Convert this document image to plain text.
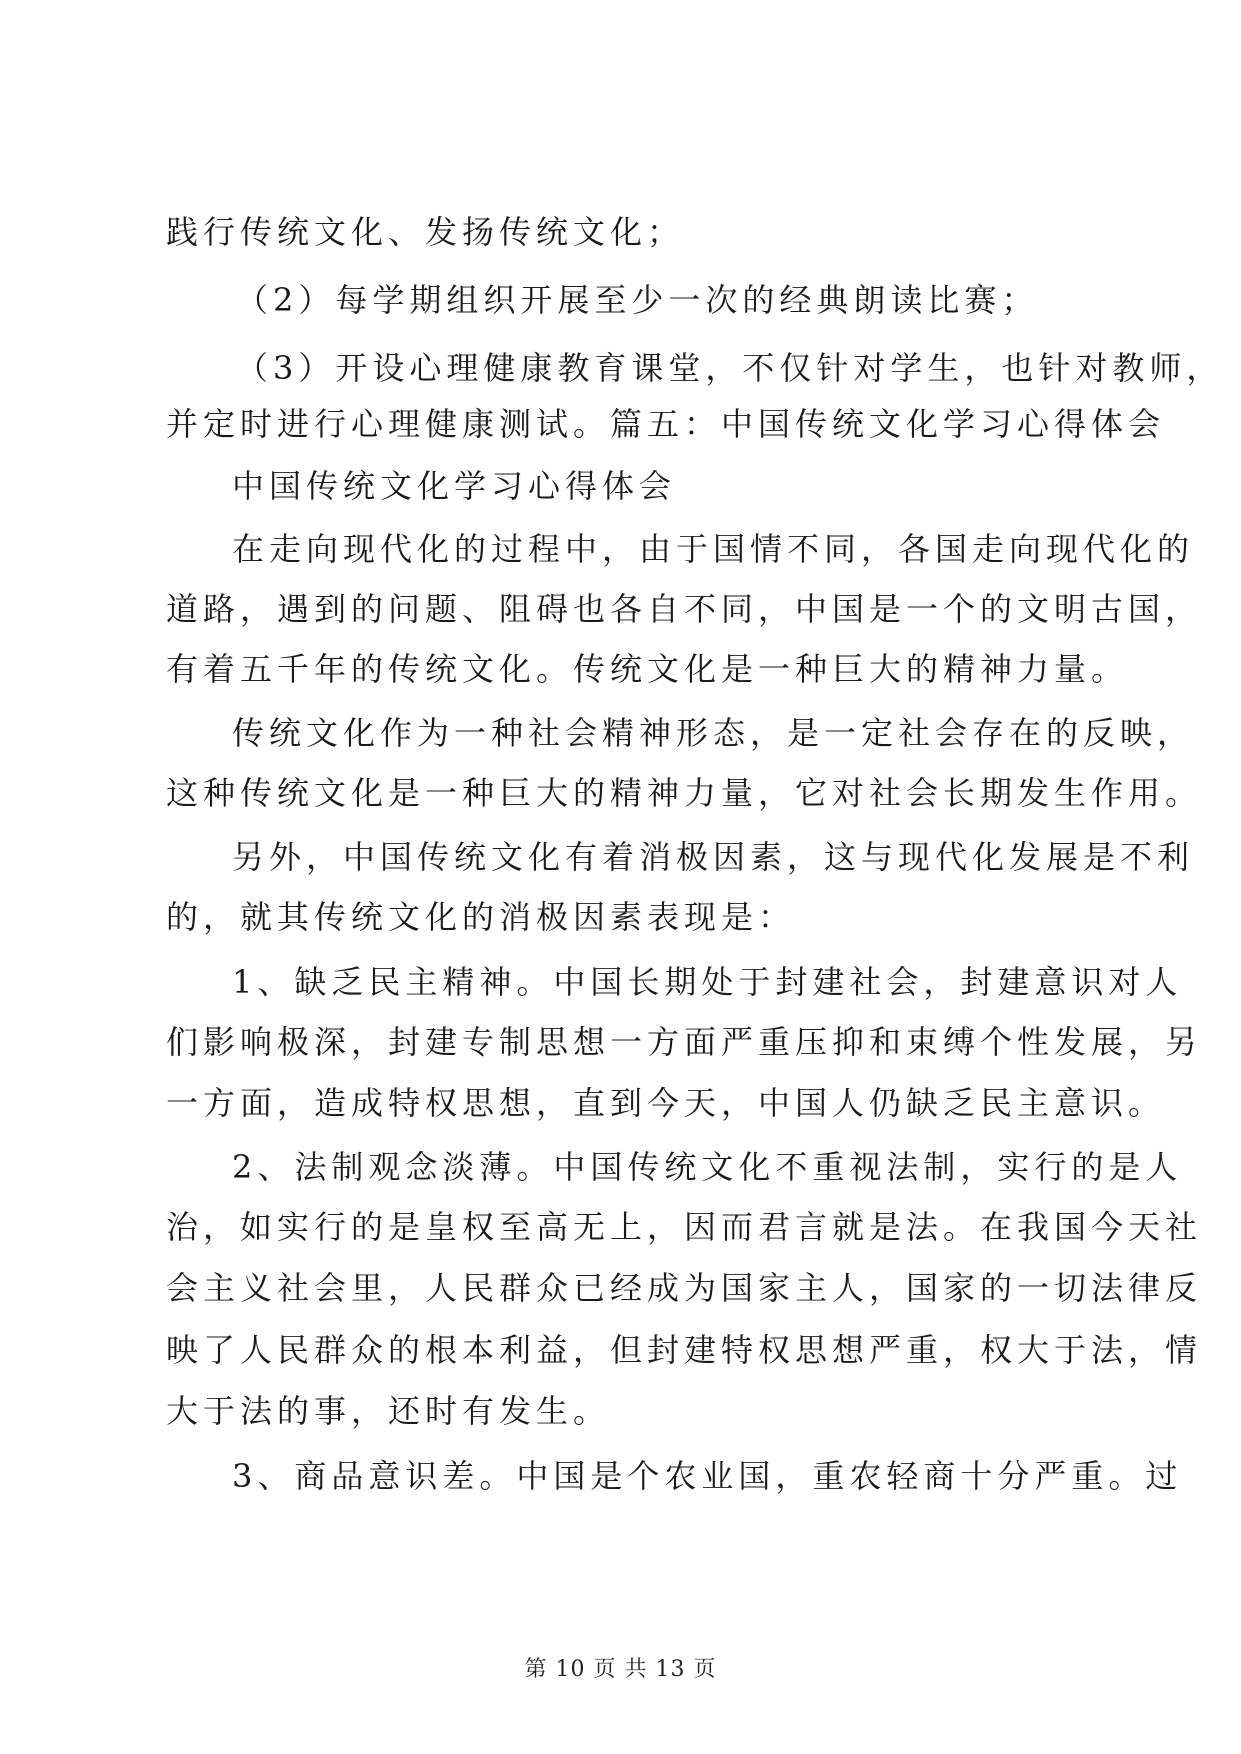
践行传统文化、发扬传统文化；
（2）每学期组织开展至少一次的经典朗读比赛；
（3）开设心理健康教育课堂，不仅针对学生，也针对教师，
并定时进行心理健康测试。篇五：中国传统文化学习心得体会
中国传统文化学习心得体会
在走向现代化的过程中，由于国情不同，各国走向现代化的
道路，遇到的问题、阻碍也各自不同，中国是一个的文明古国，
有着五千年的传统文化。传统文化是一种巨大的精神力量。
传统文化作为一种社会精神形态，是一定社会存在的反映，
这种传统文化是一种巨大的精神力量，它对社会长期发生作用。
另外，中国传统文化有着消极因素，这与现代化发展是不利
的，就其传统文化的消极因素表现是：
1、缺乏民主精神。中国长期处于封建社会，封建意识对人
们影响极深，封建专制思想一方面严重压抑和束缚个性发展，另
一方面，造成特权思想，直到今天，中国人仍缺乏民主意识。
2、法制观念淡薄。中国传统文化不重视法制，实行的是人
治，如实行的是皇权至高无上，因而君言就是法。在我国今天社
会主义社会里，人民群众已经成为国家主人，国家的一切法律反
映了人民群众的根本利益，但封建特权思想严重，权大于法，情
大于法的事，还时有发生。
3、商品意识差。中国是个农业国，重农轻商十分严重。过
第 10 页 共 13 页
